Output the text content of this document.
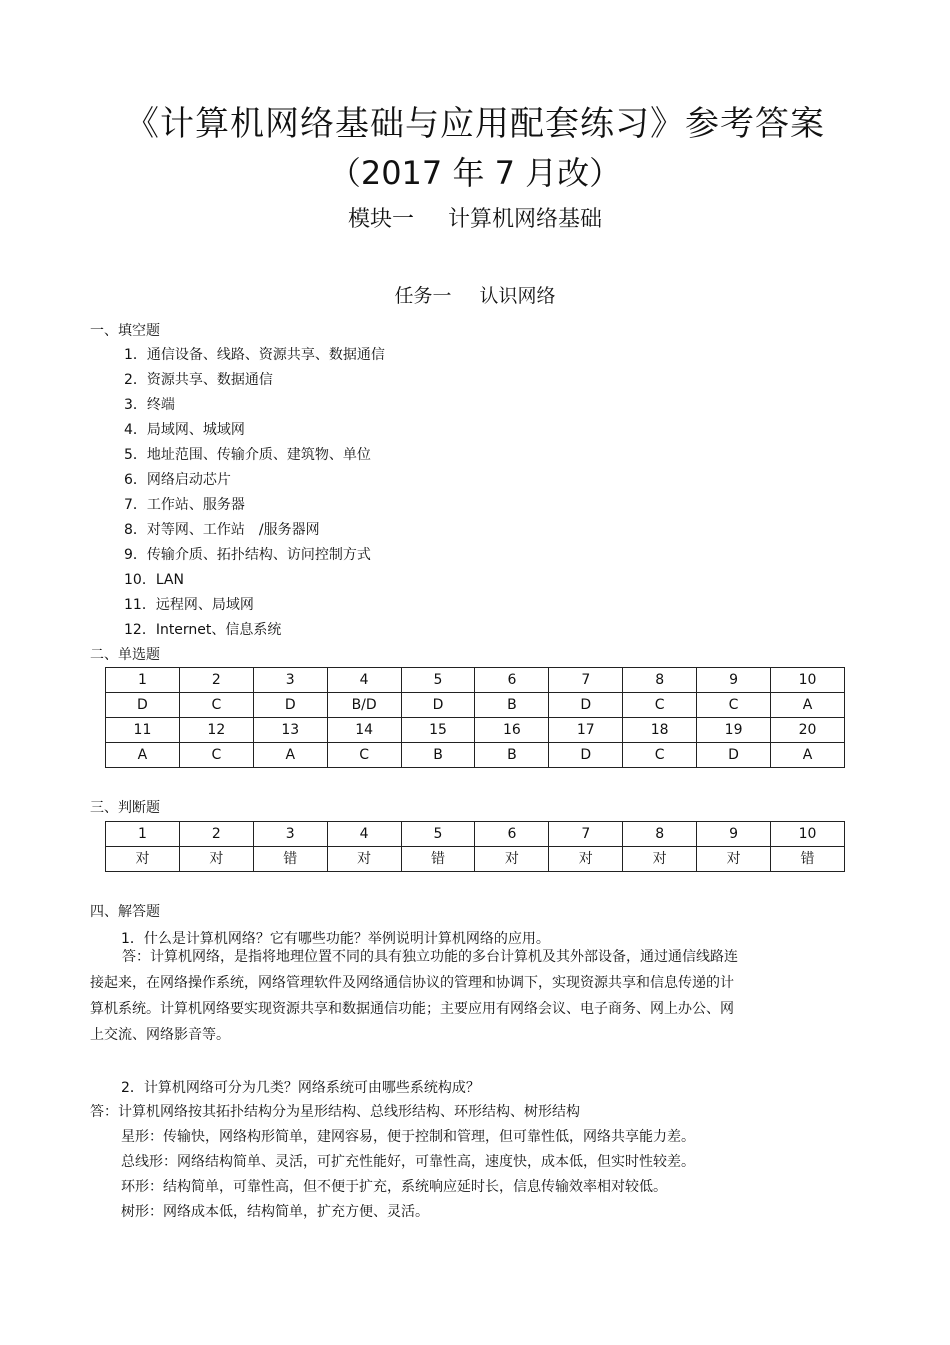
《计算机网络基础与应用配套练习》参考答案
（2017 年 7 月改）
模块一 计算机网络基础
任务一 认识网络
一、填空题
1．通信设备、线路、资源共享、数据通信
2．资源共享、数据通信
3．终端
4．局域网、城域网
5．地址范围、传输介质、建筑物、单位
6．网络启动芯片
7．工作站、服务器
8．对等网、工作站　/服务器网
9．传输介质、拓扑结构、访问控制方式
10．LAN
11．远程网、局域网
12．Internet、信息系统
二、单选题
1	2	3	4	5	6	7	8	9	10
D	C	D	B/D	D	B	D	C	C	A
11	12	13	14	15	16	17	18	19	20
A	C	A	C	B	B	D	C	D	A
三、判断题
1	2	3	4	5	6	7	8	9	10
对	对	错	对	错	对	对	对	对	错
四、解答题
1．什么是计算机网络？它有哪些功能？举例说明计算机网络的应用。
答：计算机网络，是指将地理位置不同的具有独立功能的多台计算机及其外部设备，通过通信线路连
接起来，在网络操作系统，网络管理软件及网络通信协议的管理和协调下，实现资源共享和信息传递的计
算机系统。计算机网络要实现资源共享和数据通信功能；主要应用有网络会议、电子商务、网上办公、网
上交流、网络影音等。
2．计算机网络可分为几类？网络系统可由哪些系统构成？
答：计算机网络按其拓扑结构分为星形结构、总线形结构、环形结构、树形结构
星形：传输快，网络构形简单，建网容易，便于控制和管理，但可靠性低，网络共享能力差。
总线形：网络结构简单、灵活，可扩充性能好，可靠性高，速度快，成本低，但实时性较差。
环形：结构简单，可靠性高，但不便于扩充，系统响应延时长，信息传输效率相对较低。
树形：网络成本低，结构简单，扩充方便、灵活。
